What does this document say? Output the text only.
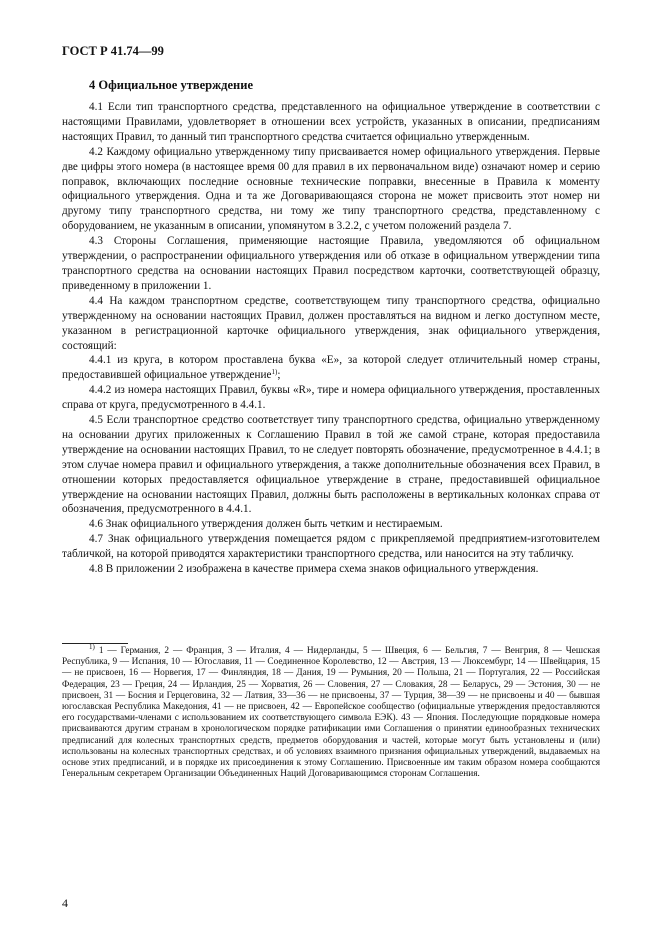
ГОСТ Р 41.74—99
4 Официальное утверждение

4.1 Если тип транспортного средства, представленного на официальное утверждение в соответствии с настоящими Правилами, удовлетворяет в отношении всех устройств, указанных в описании, предписаниям настоящих Правил, то данный тип транспортного средства считается официально утвержденным.

4.2 Каждому официально утвержденному типу присваивается номер официального утверждения. Первые две цифры этого номера (в настоящее время 00 для правил в их первоначальном виде) означают номер и серию поправок, включающих последние основные технические поправки, внесенные в Правила к моменту официального утверждения. Одна и та же Договаривающаяся сторона не может присвоить этот номер ни другому типу транспортного средства, ни тому же типу транспортного средства, представленному с оборудованием, не указанным в описании, упомянутом в 3.2.2, с учетом положений раздела 7.

4.3 Стороны Соглашения, применяющие настоящие Правила, уведомляются об официальном утверждении, о распространении официального утверждения или об отказе в официальном утверждении типа транспортного средства на основании настоящих Правил посредством карточки, соответствующей образцу, приведенному в приложении 1.

4.4 На каждом транспортном средстве, соответствующем типу транспортного средства, официально утвержденному на основании настоящих Правил, должен проставляться на видном и легко доступном месте, указанном в регистрационной карточке официального утверждения, знак официального утверждения, состоящий:

4.4.1 из круга, в котором проставлена буква «Е», за которой следует отличительный номер страны, предоставившей официальное утверждение$^{1)}$;

4.4.2 из номера настоящих Правил, буквы «R», тире и номера официального утверждения, проставленных справа от круга, предусмотренного в 4.4.1.

4.5 Если транспортное средство соответствует типу транспортного средства, официально утвержденному на основании других приложенных к Соглашению Правил в той же самой стране, которая предоставила утверждение на основании настоящих Правил, то не следует повторять обозначение, предусмотренное в 4.4.1; в этом случае номера правил и официального утверждения, а также дополнительные обозначения всех Правил, в отношении которых предоставляется официальное утверждение в стране, предоставившей официальное утверждение на основании настоящих Правил, должны быть расположены в вертикальных колонках справа от обозначения, предусмотренного в 4.4.1.

4.6 Знак официального утверждения должен быть четким и нестираемым.

4.7 Знак официального утверждения помещается рядом с прикрепляемой предприятием-изготовителем табличкой, на которой приводятся характеристики транспортного средства, или наносится на эту табличку.

4.8 В приложении 2 изображена в качестве примера схема знаков официального утверждения.

$^{1)}$ 1 — Германия, 2 — Франция, 3 — Италия, 4 — Нидерланды, 5 — Швеция, 6 — Бельгия, 7 — Венгрия, 8 — Чешская Республика, 9 — Испания, 10 — Югославия, 11 — Соединенное Королевство, 12 — Австрия, 13 — Люксембург, 14 — Швейцария, 15 — не присвоен, 16 — Норвегия, 17 — Финляндия, 18 — Дания, 19 — Румыния, 20 — Польша, 21 — Португалия, 22 — Российская Федерация, 23 — Греция, 24 — Ирландия, 25 — Хорватия, 26 — Словения, 27 — Словакия, 28 — Беларусь, 29 — Эстония, 30 — не присвоен, 31 — Босния и Герцеговина, 32 — Латвия, 33—36 — не присвоены, 37 — Турция, 38—39 — не присвоены и 40 — бывшая югославская Республика Македония, 41 — не присвоен, 42 — Европейское сообщество (официальные утверждения предоставляются его государствами-членами с использованием их соответствующего символа ЕЭК). 43 — Япония. Последующие порядковые номера присваиваются другим странам в хронологическом порядке ратификации ими Соглашения о принятии единообразных технических предписаний для колесных транспортных средств, предметов оборудования и частей, которые могут быть установлены и (или) использованы на колесных транспортных средствах, и об условиях взаимного признания официальных утверждений, выдаваемых на основе этих предписаний, и в порядке их присоединения к этому Соглашению. Присвоенные им таким образом номера сообщаются Генеральным секретарем Организации Объединенных Наций Договаривающимся сторонам Соглашения.

4
